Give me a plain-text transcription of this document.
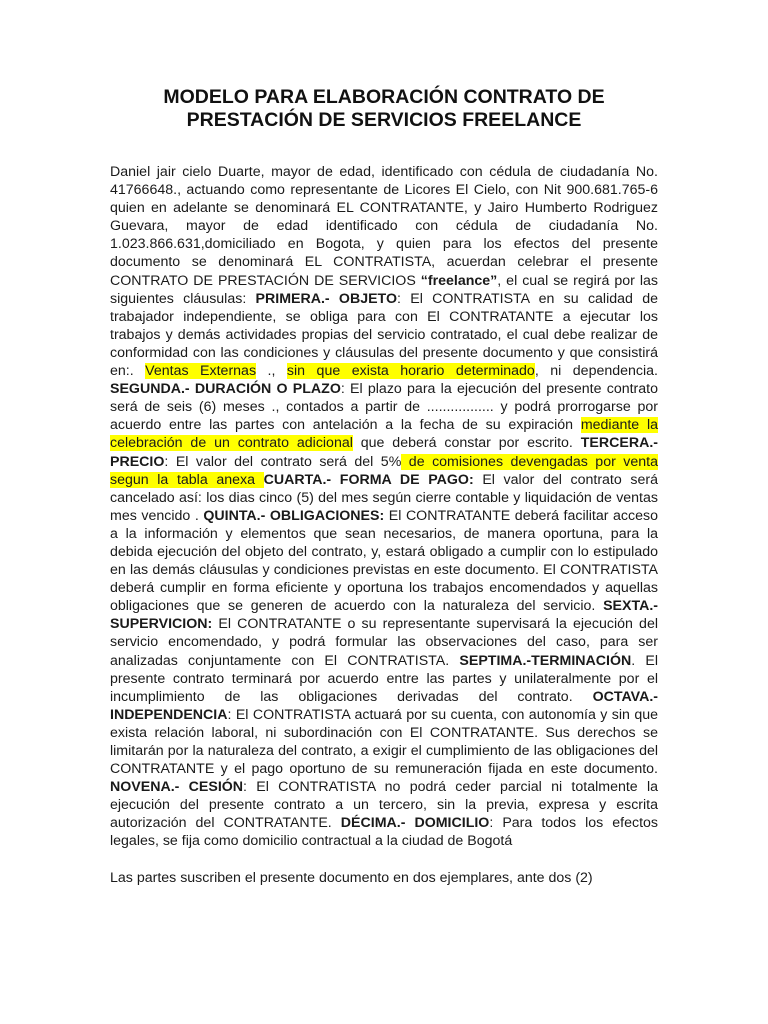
MODELO PARA ELABORACIÓN CONTRATO DE
PRESTACIÓN DE SERVICIOS FREELANCE

Daniel jair cielo Duarte, mayor de edad, identificado con cédula de ciudadanía No. 41766648., actuando como representante de Licores El Cielo, con Nit 900.681.765-6 quien en adelante se denominará EL CONTRATANTE, y Jairo Humberto Rodriguez Guevara, mayor de edad identificado con cédula de ciudadanía No. 1.023.866.631,domiciliado en Bogota, y quien para los efectos del presente documento se denominará EL CONTRATISTA, acuerdan celebrar el presente CONTRATO DE PRESTACIÓN DE SERVICIOS “freelance”, el cual se regirá por las siguientes cláusulas: PRIMERA.- OBJETO: El CONTRATISTA en su calidad de trabajador independiente, se obliga para con El CONTRATANTE a ejecutar los trabajos y demás actividades propias del servicio contratado, el cual debe realizar de conformidad con las condiciones y cláusulas del presente documento y que consistirá en:. Ventas Externas ., sin que exista horario determinado, ni dependencia. SEGUNDA.- DURACIÓN O PLAZO: El plazo para la ejecución del presente contrato será de seis (6) meses ., contados a partir de ................. y podrá prorrogarse por acuerdo entre las partes con antelación a la fecha de su expiración mediante la celebración de un contrato adicional que deberá constar por escrito. TERCERA.- PRECIO: El valor del contrato será del 5% de comisiones devengadas por venta segun la tabla anexa CUARTA.- FORMA DE PAGO: El valor del contrato será cancelado así: los dias cinco (5) del mes según cierre contable y liquidación de ventas mes vencido . QUINTA.- OBLIGACIONES: El CONTRATANTE deberá facilitar acceso a la información y elementos que sean necesarios, de manera oportuna, para la debida ejecución del objeto del contrato, y, estará obligado a cumplir con lo estipulado en las demás cláusulas y condiciones previstas en este documento. El CONTRATISTA deberá cumplir en forma eficiente y oportuna los trabajos encomendados y aquellas obligaciones que se generen de acuerdo con la naturaleza del servicio. SEXTA.- SUPERVICION: El CONTRATANTE o su representante supervisará la ejecución del servicio encomendado, y podrá formular las observaciones del caso, para ser analizadas conjuntamente con El CONTRATISTA. SEPTIMA.-TERMINACIÓN. El presente contrato terminará por acuerdo entre las partes y unilateralmente por el incumplimiento de las obligaciones derivadas del contrato. OCTAVA.- INDEPENDENCIA: El CONTRATISTA actuará por su cuenta, con autonomía y sin que exista relación laboral, ni subordinación con El CONTRATANTE. Sus derechos se limitarán por la naturaleza del contrato, a exigir el cumplimiento de las obligaciones del CONTRATANTE y el pago oportuno de su remuneración fijada en este documento. NOVENA.- CESIÓN: El CONTRATISTA no podrá ceder parcial ni totalmente la ejecución del presente contrato a un tercero, sin la previa, expresa y escrita autorización del CONTRATANTE. DÉCIMA.- DOMICILIO: Para todos los efectos legales, se fija como domicilio contractual a la ciudad de Bogotá

Las partes suscriben el presente documento en dos ejemplares, ante dos (2)
